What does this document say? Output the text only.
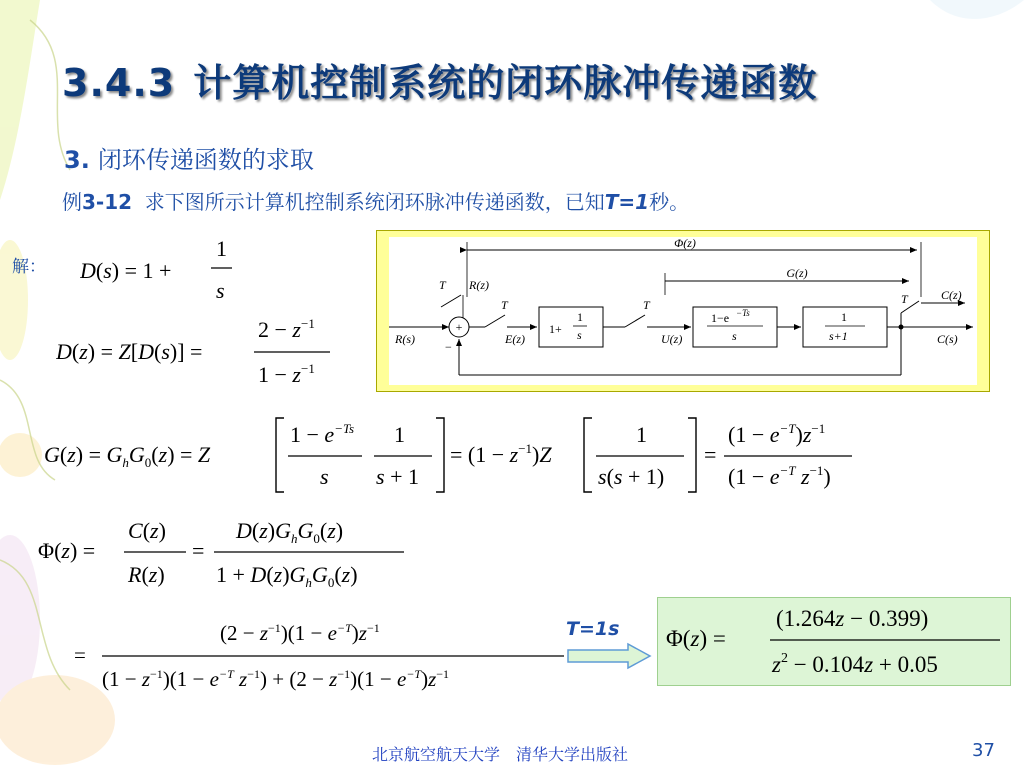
3.4.3 计算机控制系统的闭环脉冲传递函数
3. 闭环传递函数的求取
例3-12 求下图所示计算机控制系统闭环脉冲传递函数，已知T=1秒。
解：
Φ(z)
G(z)
T R(z)
+
−
R(s)
T
E(z)
1+
1
s
T
U(z)
1−e −Ts
s
1
s+1	C(s)
T	C(z)
D(s) = 1 +
1
s
D(z) = Z[D(s)] =
$2 - z^{-1}$
$1 - z^{-1}$
$G(z) = G_hG_0(z) = Z$
$1 - e^{-Ts}$
s
1
s + 1
= $(1 - z^{-1})Z$
1
s(s + 1)
=
$(1 - e^{-T})z^{-1}$
($1 - e^{-T}$ $z^{-1}$)
Φ(z) =
C(z)
R(z)
=
$D(z)G_hG_0(z)$
$1 + D(z)G_hG_0(z)$
=
$(2 - z^{-1})(1 - e^{-T})z^{-1}$
$(1 - z^{-1})(1 - e^{-T}$ $z^{-1}) + (2 - z^{-1})(1 - e^{-T})z^{-1}$
T=1s Φ(z) =
(1.264z − 0.399)
$z^2 - 0.104z + 0.05$
北京航空航天大学　清华大学出版社	37
